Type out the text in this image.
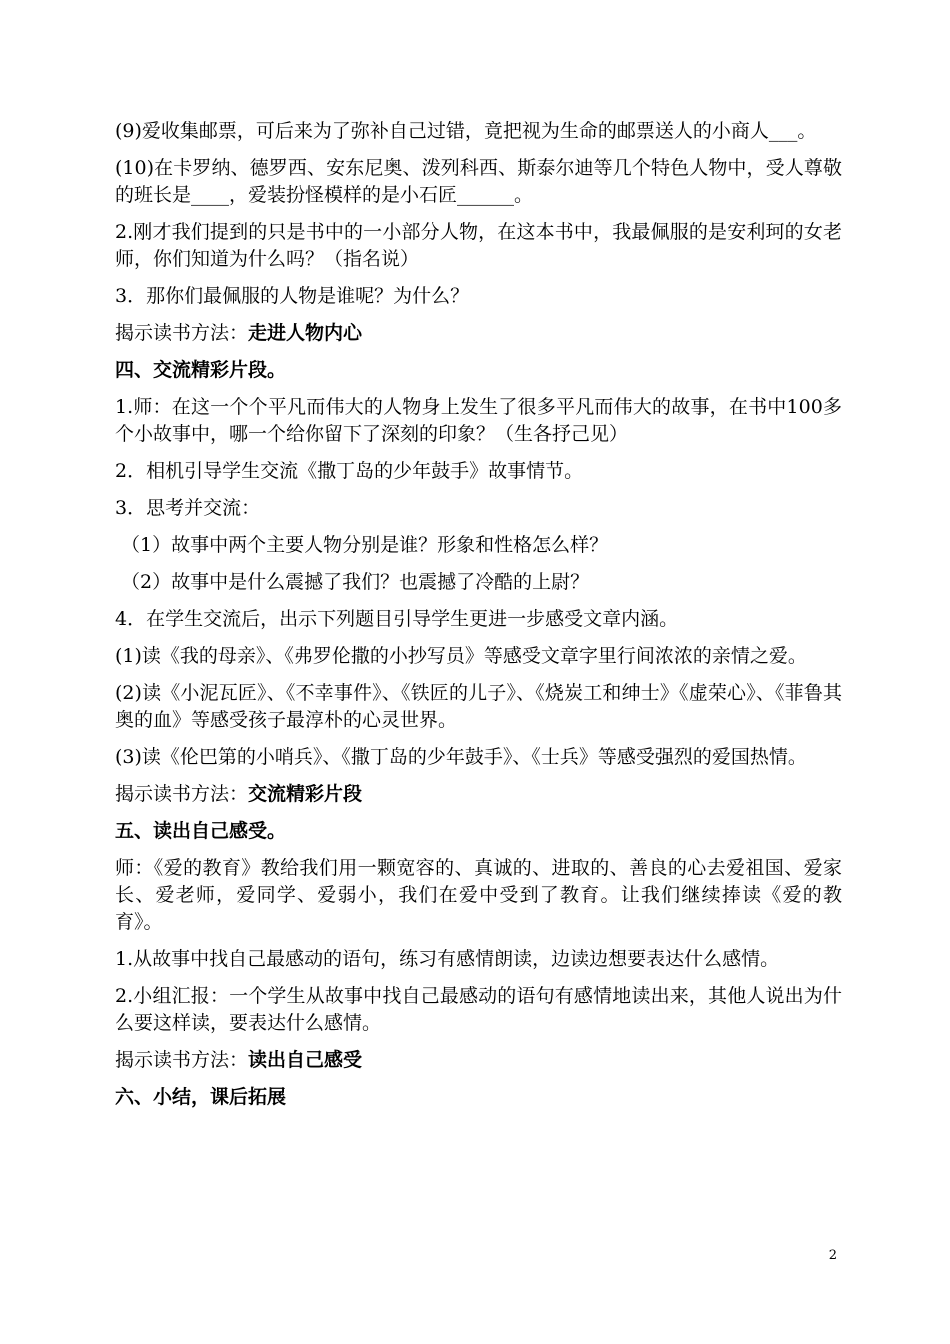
(9)爱收集邮票，可后来为了弥补自己过错，竟把视为生命的邮票送人的小商人___。

(10)在卡罗纳、德罗西、安东尼奥、泼列科西、斯泰尔迪等几个特色人物中，受人尊敬的班长是____，爱装扮怪模样的是小石匠______。

2.刚才我们提到的只是书中的一小部分人物，在这本书中，我最佩服的是安利珂的女老师，你们知道为什么吗？（指名说）

3．那你们最佩服的人物是谁呢？为什么？

揭示读书方法：走进人物内心

四、交流精彩片段。

1.师：在这一个个平凡而伟大的人物身上发生了很多平凡而伟大的故事，在书中100多个小故事中，哪一个给你留下了深刻的印象？（生各抒己见）

2．相机引导学生交流《撒丁岛的少年鼓手》故事情节。

3．思考并交流：

（1）故事中两个主要人物分别是谁？形象和性格怎么样？

（2）故事中是什么震撼了我们？也震撼了冷酷的上尉？

4．在学生交流后，出示下列题目引导学生更进一步感受文章内涵。

(1)读《我的母亲》、《弗罗伦撒的小抄写员》等感受文章字里行间浓浓的亲情之爱。

(2)读《小泥瓦匠》、《不幸事件》、《铁匠的儿子》、《烧炭工和绅士》《虚荣心》、《菲鲁其奥的血》等感受孩子最淳朴的心灵世界。

(3)读《伦巴第的小哨兵》、《撒丁岛的少年鼓手》、《士兵》等感受强烈的爱国热情。

揭示读书方法：交流精彩片段

五、读出自己感受。

师：《爱的教育》教给我们用一颗宽容的、真诚的、进取的、善良的心去爱祖国、爱家长、爱老师，爱同学、爱弱小，我们在爱中受到了教育。让我们继续捧读《爱的教育》。

1.从故事中找自己最感动的语句，练习有感情朗读，边读边想要表达什么感情。

2.小组汇报：一个学生从故事中找自己最感动的语句有感情地读出来，其他人说出为什么要这样读，要表达什么感情。

揭示读书方法：读出自己感受

六、小结，课后拓展

2
